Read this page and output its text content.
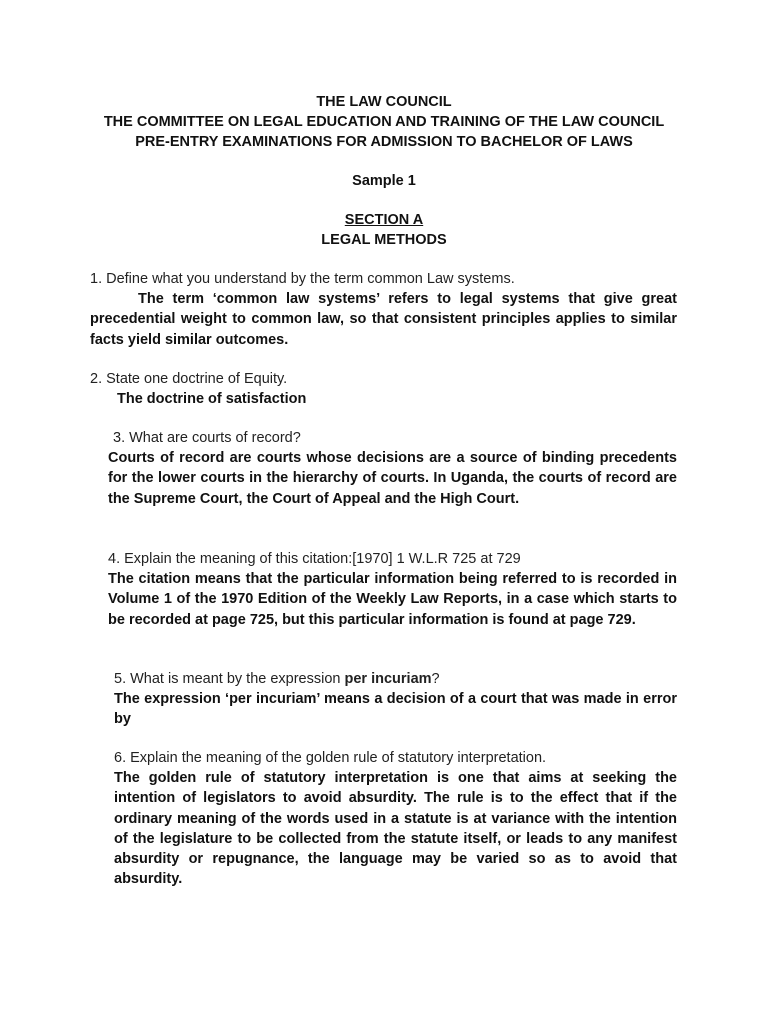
THE LAW COUNCIL
THE COMMITTEE ON LEGAL EDUCATION AND TRAINING OF THE LAW COUNCIL
PRE-ENTRY EXAMINATIONS FOR ADMISSION TO BACHELOR OF LAWS
Sample 1
SECTION A
LEGAL METHODS
1. Define what you understand by the term common Law systems.
The term ‘common law systems’ refers to legal systems that give great precedential weight to common law, so that consistent principles applies to similar facts yield similar outcomes.
2. State one doctrine of Equity.
The doctrine of satisfaction
3. What are courts of record?
Courts of record are courts whose decisions are a source of binding precedents for the lower courts in the hierarchy of courts. In Uganda, the courts of record are the Supreme Court, the Court of Appeal and the High Court.
4. Explain the meaning of this citation:[1970] 1 W.L.R 725 at 729
The citation means that the particular information being referred to is recorded in Volume 1 of the 1970 Edition of the Weekly Law Reports, in a case which starts to be recorded at page 725, but this particular information is found at page 729.
5. What is meant by the expression per incuriam?
The expression ‘per incuriam’ means a decision of a court that was made in error by
6. Explain the meaning of the golden rule of statutory interpretation.
The golden rule of statutory interpretation is one that aims at seeking the intention of legislators to avoid absurdity. The rule is to the effect that if the ordinary meaning of the words used in a statute is at variance with the intention of the legislature to be collected from the statute itself, or leads to any manifest absurdity or repugnance, the language may be varied so as to avoid that absurdity.
